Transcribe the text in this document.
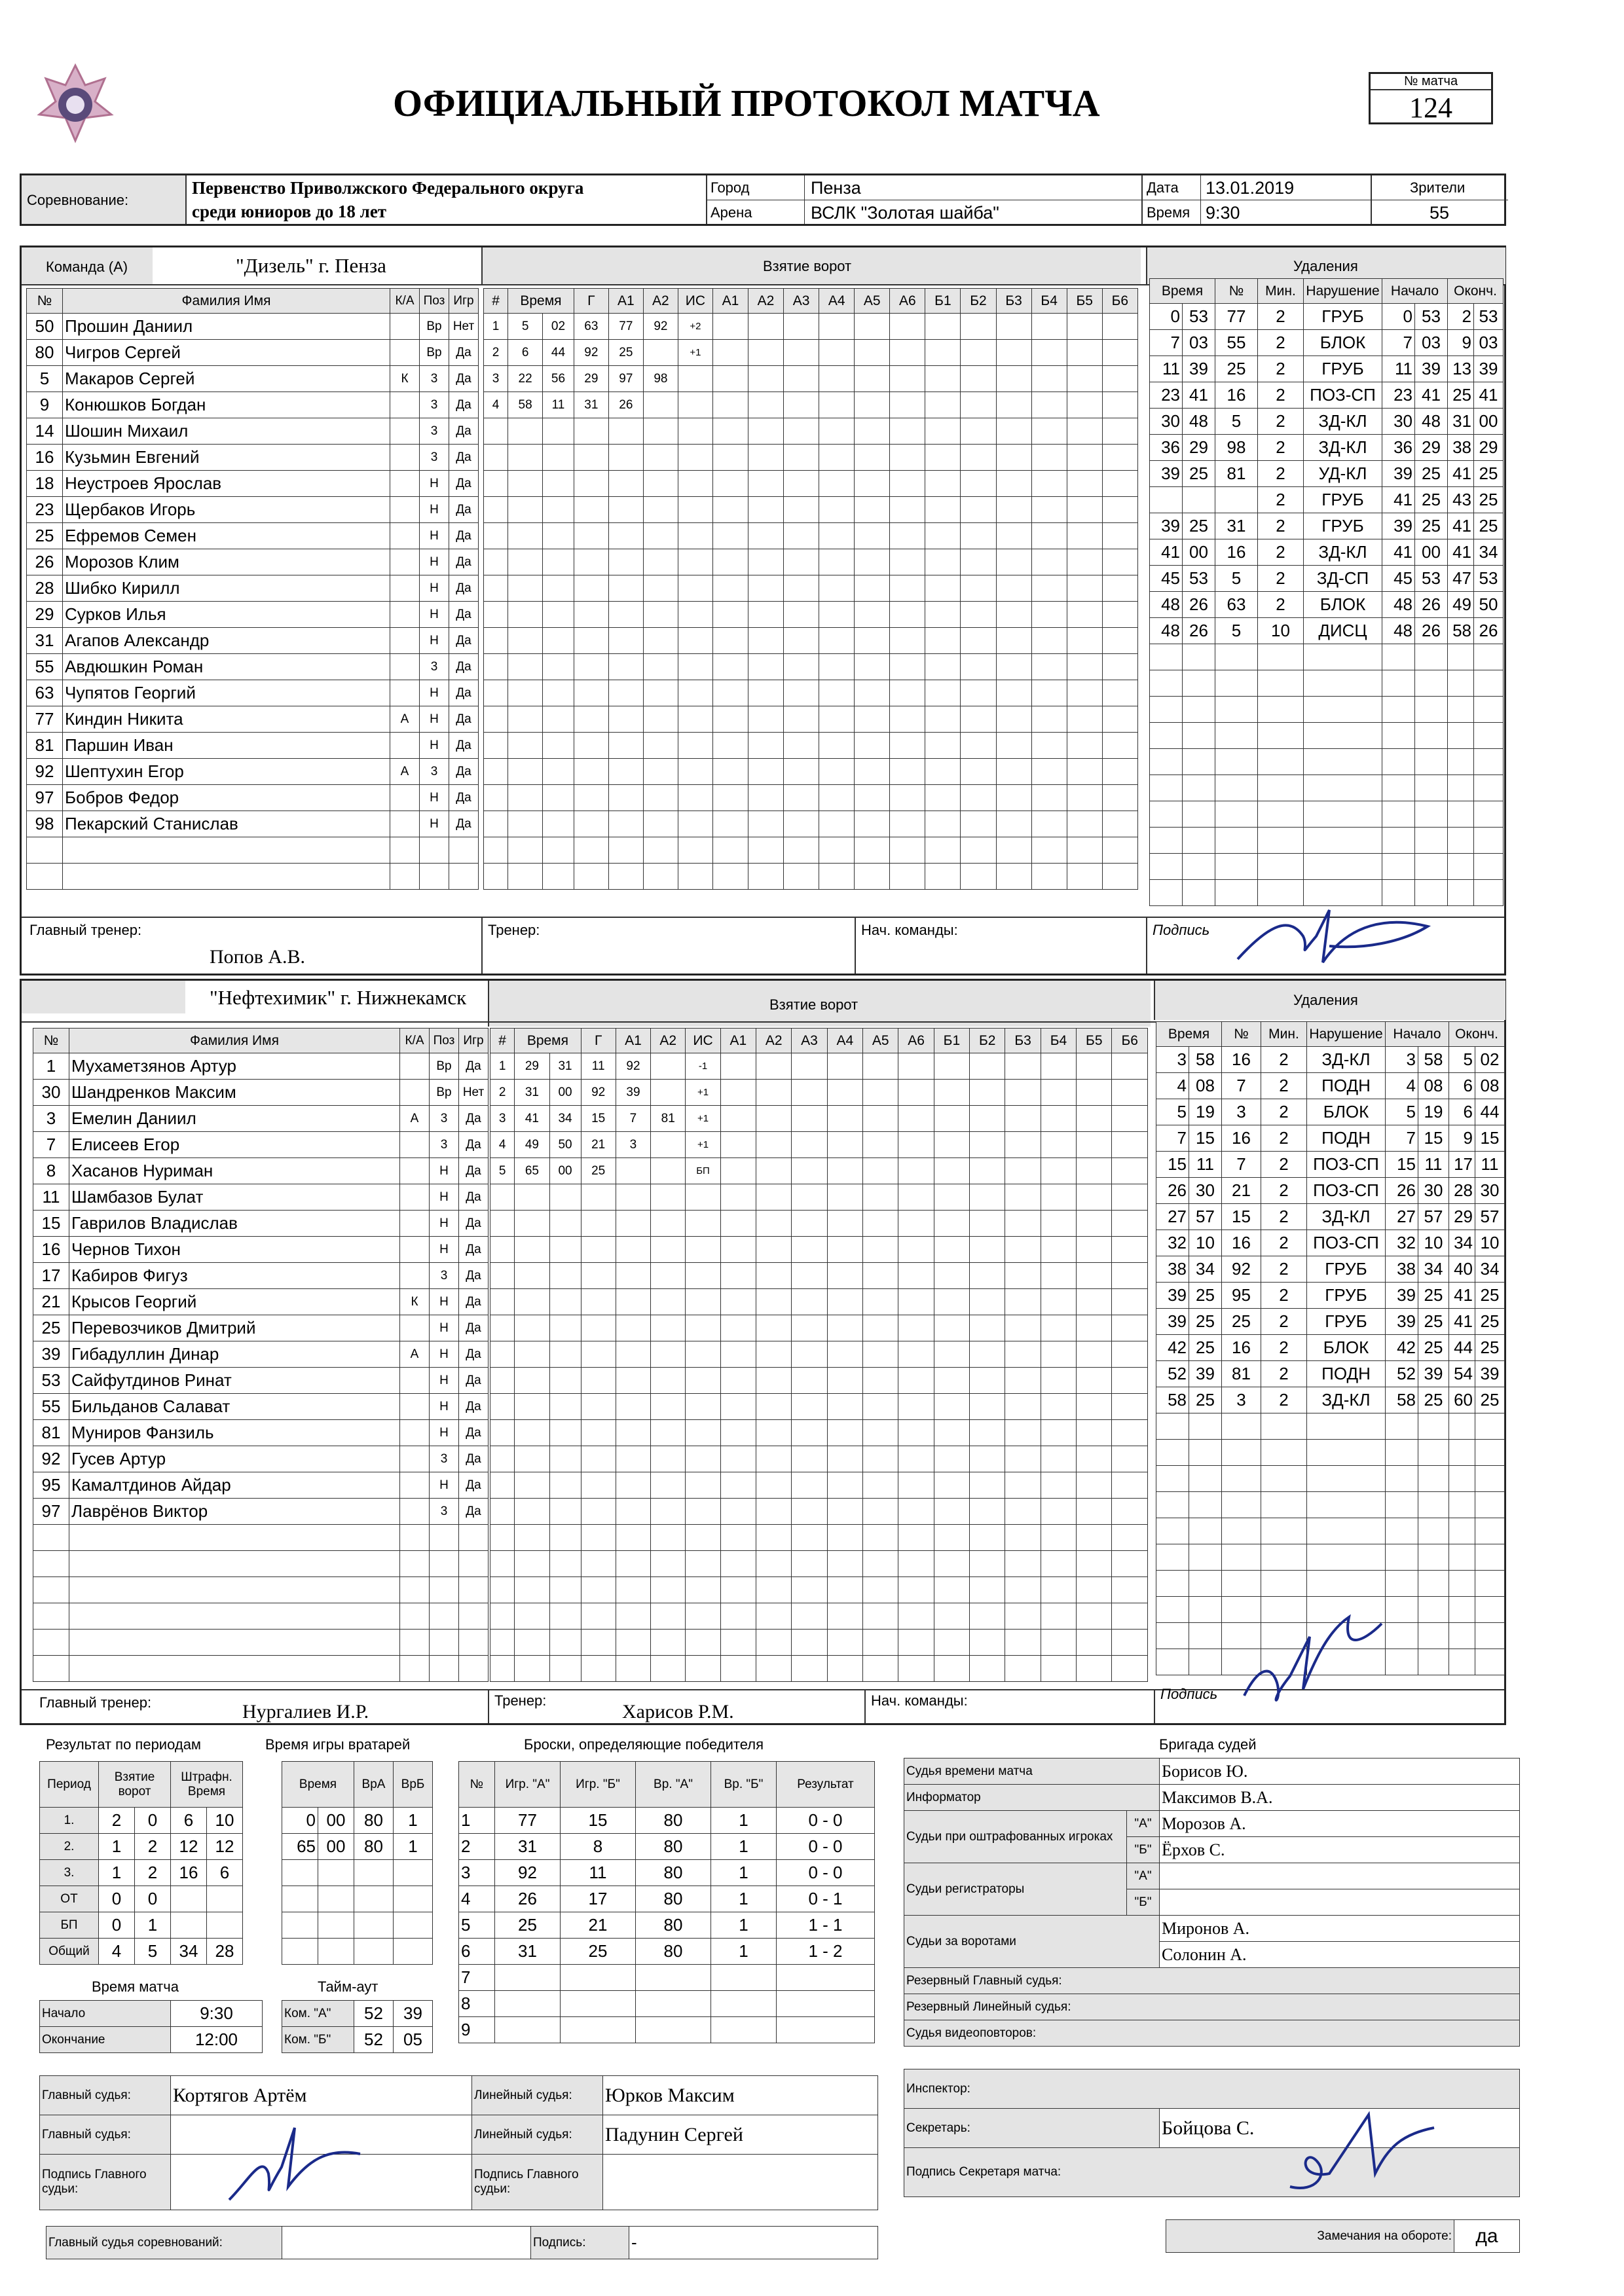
ОФИЦИАЛЬНЫЙ ПРОТОКОЛ МАТЧА
№ матча
124
Соревнование:
Первенство Приволжского Федерального округа
среди юниоров до 18 лет
Город
Арена
Пенза
ВСЛК "Золотая шайба"
Дата
Время
13.01.2019
9:30
Зрители
55
Команда (А)	"Дизель" г. Пенза	Взятие ворот	Удаления
№	Фамилия Имя	К/А	Поз	Игр
50	Прошин Даниил		Вр	Нет
80	Чигров Сергей		Вр	Да
5	Макаров Сергей	К	3	Да
9	Конюшков Богдан		3	Да
14	Шошин Михаил		3	Да
16	Кузьмин Евгений		3	Да
18	Неустроев Ярослав		Н	Да
23	Щербаков Игорь		Н	Да
25	Ефремов Семен		Н	Да
26	Морозов Клим		Н	Да
28	Шибко Кирилл		Н	Да
29	Сурков Илья		Н	Да
31	Агапов Александр		Н	Да
55	Авдюшкин Роман		3	Да
63	Чупятов Георгий		Н	Да
77	Киндин Никита	А	Н	Да
81	Паршин Иван		Н	Да
92	Шептухин Егор	А	3	Да
97	Бобров Федор		Н	Да
98	Пекарский Станислав		Н	Да

#	Время		Г	А1	А2	ИС	А1	А2	А3	А4	А5	А6	Б1	Б2	Б3	Б4	Б5	Б6
1	5	02	63	77	92	+2												
2	6	44	92	25		+1												
3	22	56	29	97	98													
4	58	11	31	26														

Время		№	Мин.	Нарушение	Начало		Оконч.	
0	53	77	2	ГРУБ	0	53	2	53
7	03	55	2	БЛОК	7	03	9	03
11	39	25	2	ГРУБ	11	39	13	39
23	41	16	2	ПОЗ-СП	23	41	25	41
30	48	5	2	ЗД-КЛ	30	48	31	00
36	29	98	2	ЗД-КЛ	36	29	38	29
39	25	81	2	УД-КЛ	39	25	41	25
			2	ГРУБ	41	25	43	25
39	25	31	2	ГРУБ	39	25	41	25
41	00	16	2	ЗД-КЛ	41	00	41	34
45	53	5	2	ЗД-СП	45	53	47	53
48	26	63	2	БЛОК	48	26	49	50
48	26	5	10	ДИСЦ	48	26	58	26

Главный тренер:
Попов А.В.
Тренер:	Нач. команды:	Подпись
"Нефтехимик" г. Нижнекамск	Взятие ворот	Удаления
№	Фамилия Имя	К/А	Поз	Игр
1	Мухаметзянов Артур		Вр	Да
30	Шандренков Максим		Вр	Нет
3	Емелин Даниил	А	3	Да
7	Елисеев Егор		3	Да
8	Хасанов Нуриман		Н	Да
11	Шамбазов Булат		Н	Да
15	Гаврилов Владислав		Н	Да
16	Чернов Тихон		Н	Да
17	Кабиров Фигуз		3	Да
21	Крысов Георгий	К	Н	Да
25	Перевозчиков Дмитрий		Н	Да
39	Гибадуллин Динар	А	Н	Да
53	Сайфутдинов Ринат		Н	Да
55	Бильданов Салават		Н	Да
81	Муниров Фанзиль		Н	Да
92	Гусев Артур		3	Да
95	Камалтдинов Айдар		Н	Да
97	Лаврёнов Виктор		3	Да

#	Время		Г	А1	А2	ИС	А1	А2	А3	А4	А5	А6	Б1	Б2	Б3	Б4	Б5	Б6
1	29	31	11	92		-1												
2	31	00	92	39		+1												
3	41	34	15	7	81	+1												
4	49	50	21	3		+1												
5	65	00	25			БП												

Время		№	Мин.	Нарушение	Начало		Оконч.	
3	58	16	2	ЗД-КЛ	3	58	5	02
4	08	7	2	ПОДН	4	08	6	08
5	19	3	2	БЛОК	5	19	6	44
7	15	16	2	ПОДН	7	15	9	15
15	11	7	2	ПОЗ-СП	15	11	17	11
26	30	21	2	ПОЗ-СП	26	30	28	30
27	57	15	2	ЗД-КЛ	27	57	29	57
32	10	16	2	ПОЗ-СП	32	10	34	10
38	34	92	2	ГРУБ	38	34	40	34
39	25	95	2	ГРУБ	39	25	41	25
39	25	25	2	ГРУБ	39	25	41	25
42	25	16	2	БЛОК	42	25	44	25
52	39	81	2	ПОДН	52	39	54	39
58	25	3	2	ЗД-КЛ	58	25	60	25

Главный тренер:	Нургалиев И.Р.
Тренер:
Харисов Р.М.
Нач. команды:	Подпись
Результат по периодам
Период	Взятие ворот		Штрафн. Время	
1.	2	0	6	10
2.	1	2	12	12
3.	1	2	16	6
ОТ	0	0		
БП	0	1		
Общий	4	5	34	28
Время игры вратарей
Время		ВрА	ВрБ
0	00	80	1
65	00	80	1

Броски, определяющие победителя
№	Игр. "А"	Игр. "Б"	Вр. "А"	Вр. "Б"	Результат
1	77	15	80	1	0 - 0
2	31	8	80	1	0 - 0
3	92	11	80	1	0 - 0
4	26	17	80	1	0 - 1
5	25	21	80	1	1 - 1
6	31	25	80	1	1 - 2
7					
8					
9					
Время матча
Начало	9:30
Окончание	12:00
Тайм-аут
Ком. "А"	52	39
Ком. "Б"	52	05
Бригада судей
Судья времени матча		Борисов Ю.
Информатор		Максимов В.А.
Судьи при оштрафованных игроках	"А"	Морозов А.
	"Б"	Ёрхов С.
Судьи регистраторы	"А"	
	"Б"	
Судьи за воротами		Миронов А.
		Солонин А.
Резервный Главный судья:		
Резервный Линейный судья:		
Судья видеоповторов:		
Главный судья:	Кортягов Артём	Линейный судья:	Юрков Максим
Главный судья:		Линейный судья:	Падунин Сергей
Подпись Главного судьи:		Подпись Главного судьи:	
Инспектор:
Секретарь:	Бойцова С.
Подпись Секретаря матча:
Главный судья соревнований:		Подпись:	-	Замечания на обороте:	да
